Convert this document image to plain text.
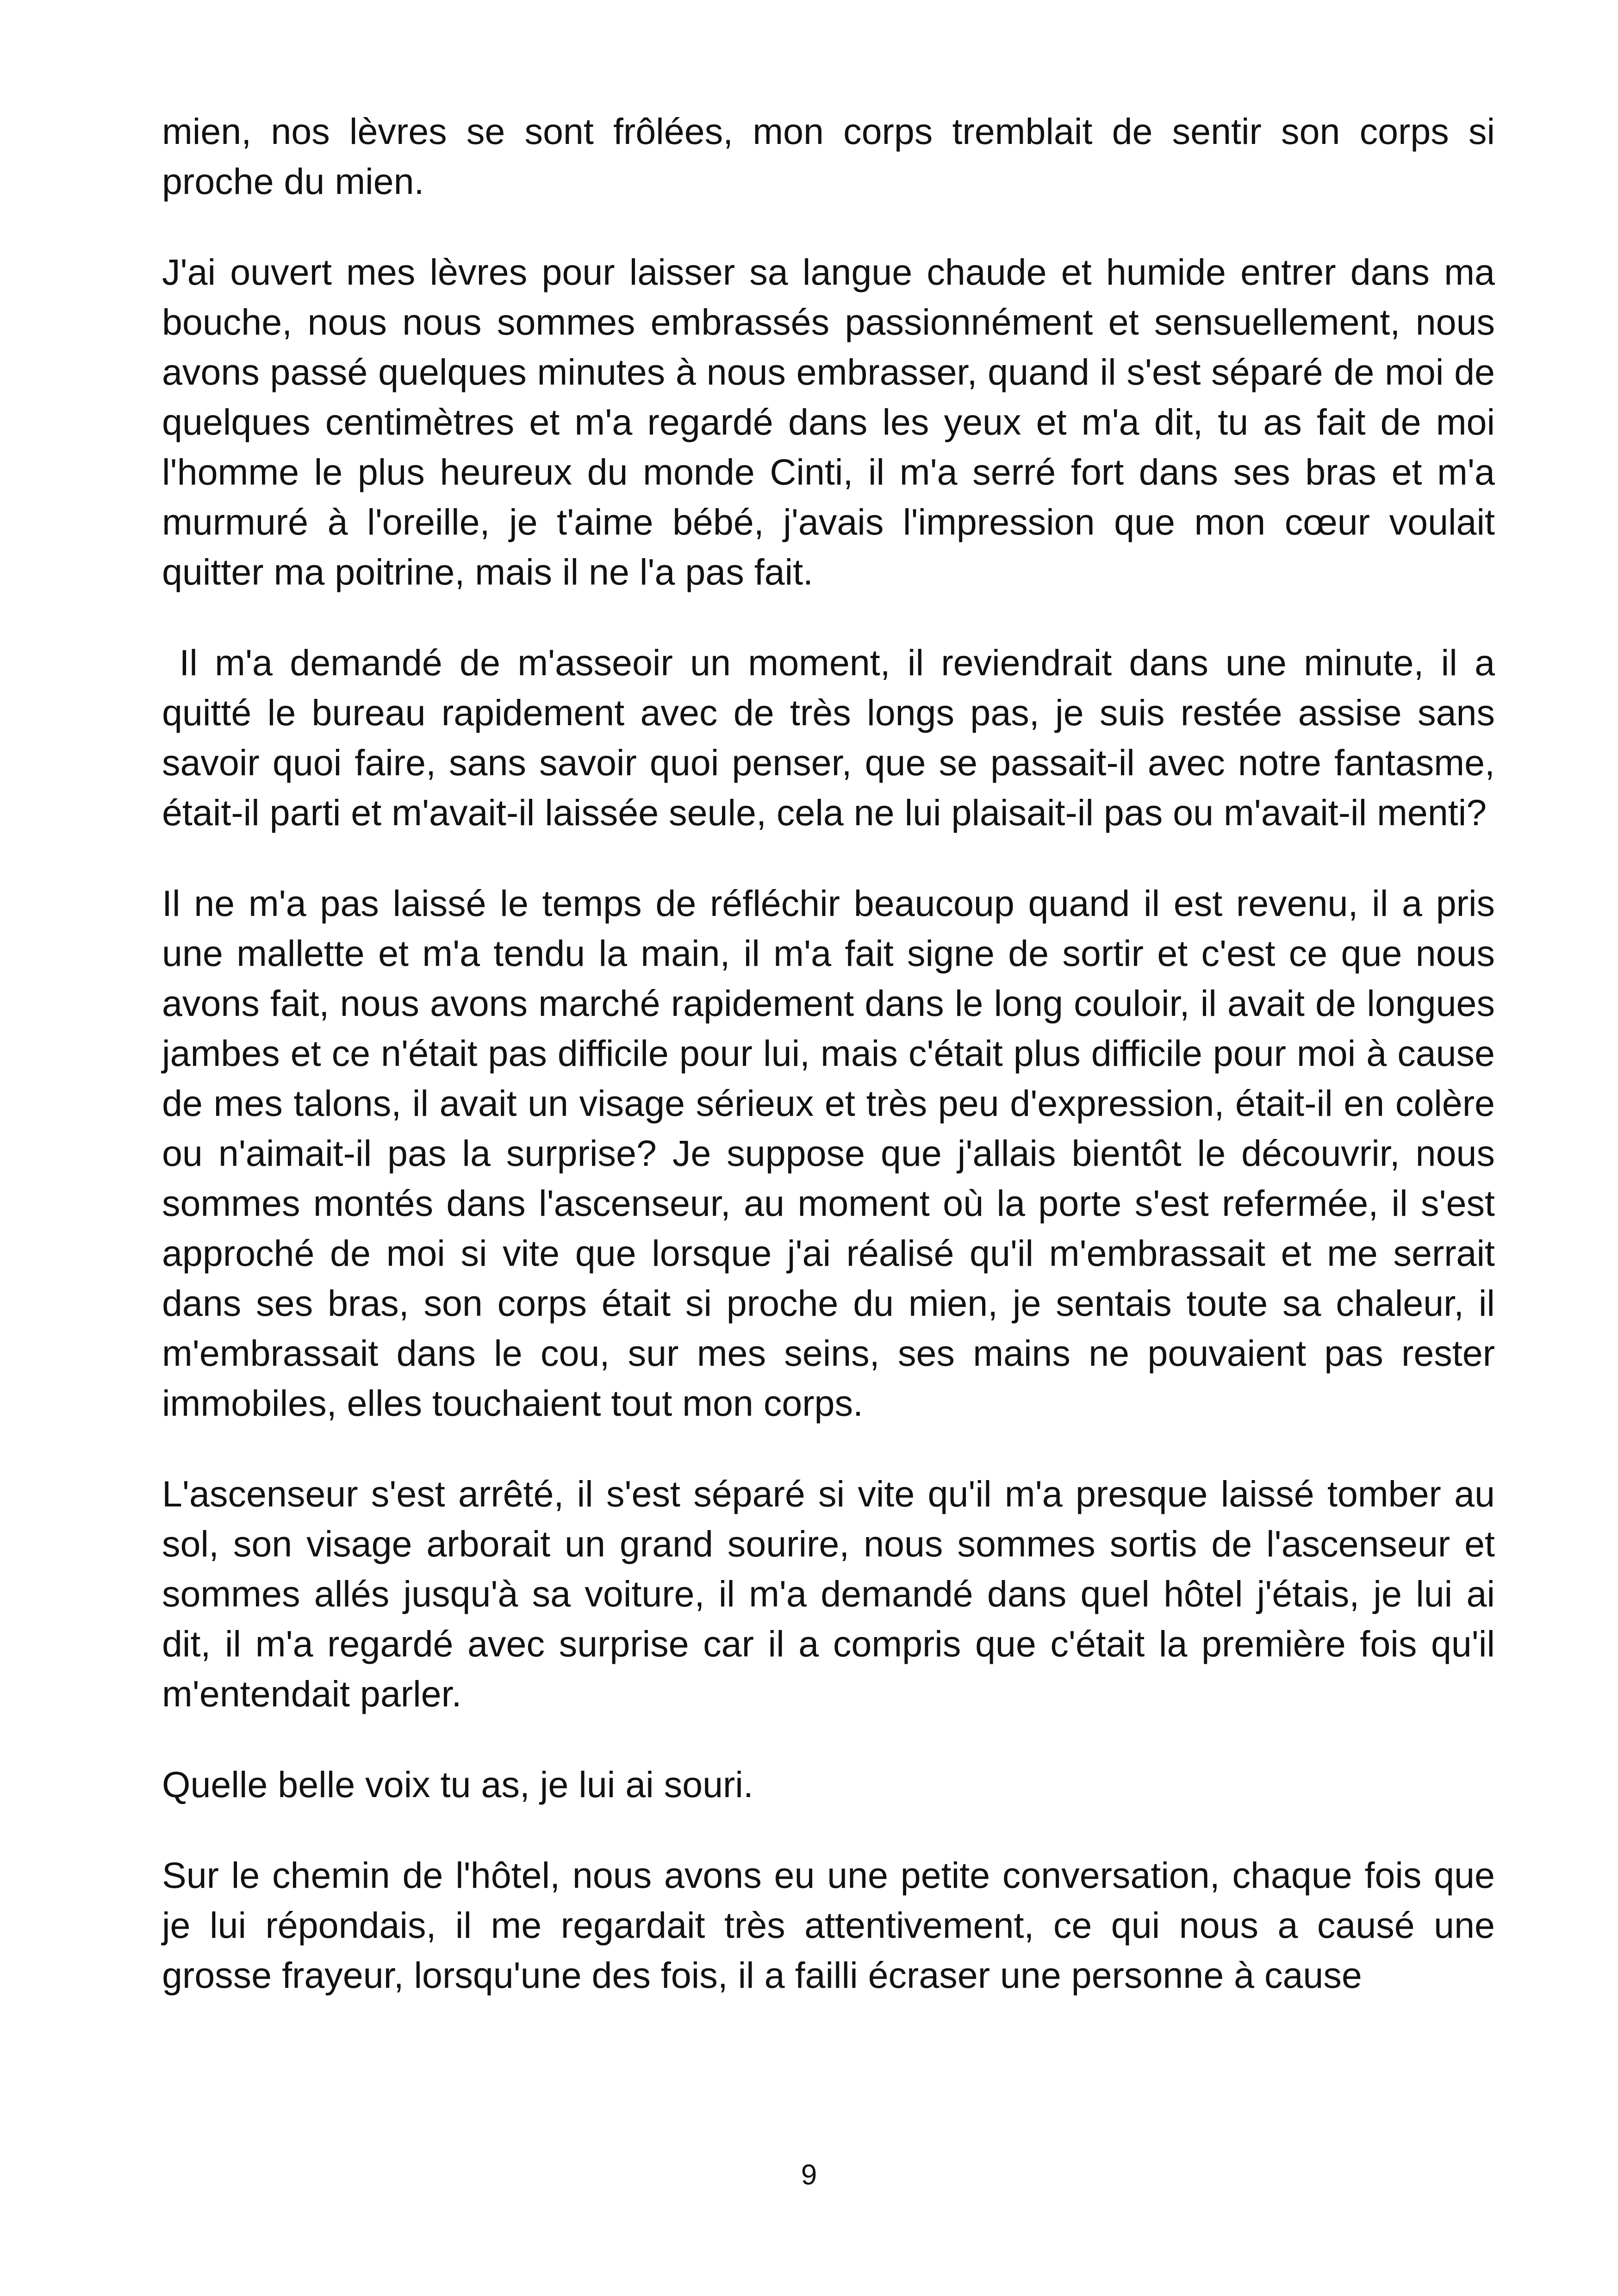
mien, nos lèvres se sont frôlées, mon corps tremblait de sentir son corps si proche du mien.

J'ai ouvert mes lèvres pour laisser sa langue chaude et humide entrer dans ma bouche, nous nous sommes embrassés passionnément et sensuellement, nous avons passé quelques minutes à nous embrasser, quand il s'est séparé de moi de quelques centimètres et m'a regardé dans les yeux et m'a dit, tu as fait de moi l'homme le plus heureux du monde Cinti, il m'a serré fort dans ses bras et m'a murmuré à l'oreille, je t'aime bébé, j'avais l'impression que mon cœur voulait quitter ma poitrine, mais il ne l'a pas fait.

Il m'a demandé de m'asseoir un moment, il reviendrait dans une minute, il a quitté le bureau rapidement avec de très longs pas, je suis restée assise sans savoir quoi faire, sans savoir quoi penser, que se passait-il avec notre fantasme, était-il parti et m'avait-il laissée seule, cela ne lui plaisait-il pas ou m'avait-il menti?

Il ne m'a pas laissé le temps de réfléchir beaucoup quand il est revenu, il a pris une mallette et m'a tendu la main, il m'a fait signe de sortir et c'est ce que nous avons fait, nous avons marché rapidement dans le long couloir, il avait de longues jambes et ce n'était pas difficile pour lui, mais c'était plus difficile pour moi à cause de mes talons, il avait un visage sérieux et très peu d'expression, était-il en colère ou n'aimait-il pas la surprise? Je suppose que j'allais bientôt le découvrir, nous sommes montés dans l'ascenseur, au moment où la porte s'est refermée, il s'est approché de moi si vite que lorsque j'ai réalisé qu'il m'embrassait et me serrait dans ses bras, son corps était si proche du mien, je sentais toute sa chaleur, il m'embrassait dans le cou, sur mes seins, ses mains ne pouvaient pas rester immobiles, elles touchaient tout mon corps.

L'ascenseur s'est arrêté, il s'est séparé si vite qu'il m'a presque laissé tomber au sol, son visage arborait un grand sourire, nous sommes sortis de l'ascenseur et sommes allés jusqu'à sa voiture, il m'a demandé dans quel hôtel j'étais, je lui ai dit, il m'a regardé avec surprise car il a compris que c'était la première fois qu'il m'entendait parler.

Quelle belle voix tu as, je lui ai souri.

Sur le chemin de l'hôtel, nous avons eu une petite conversation, chaque fois que je lui répondais, il me regardait très attentivement, ce qui nous a causé une grosse frayeur, lorsqu'une des fois, il a failli écraser une personne à cause

9
